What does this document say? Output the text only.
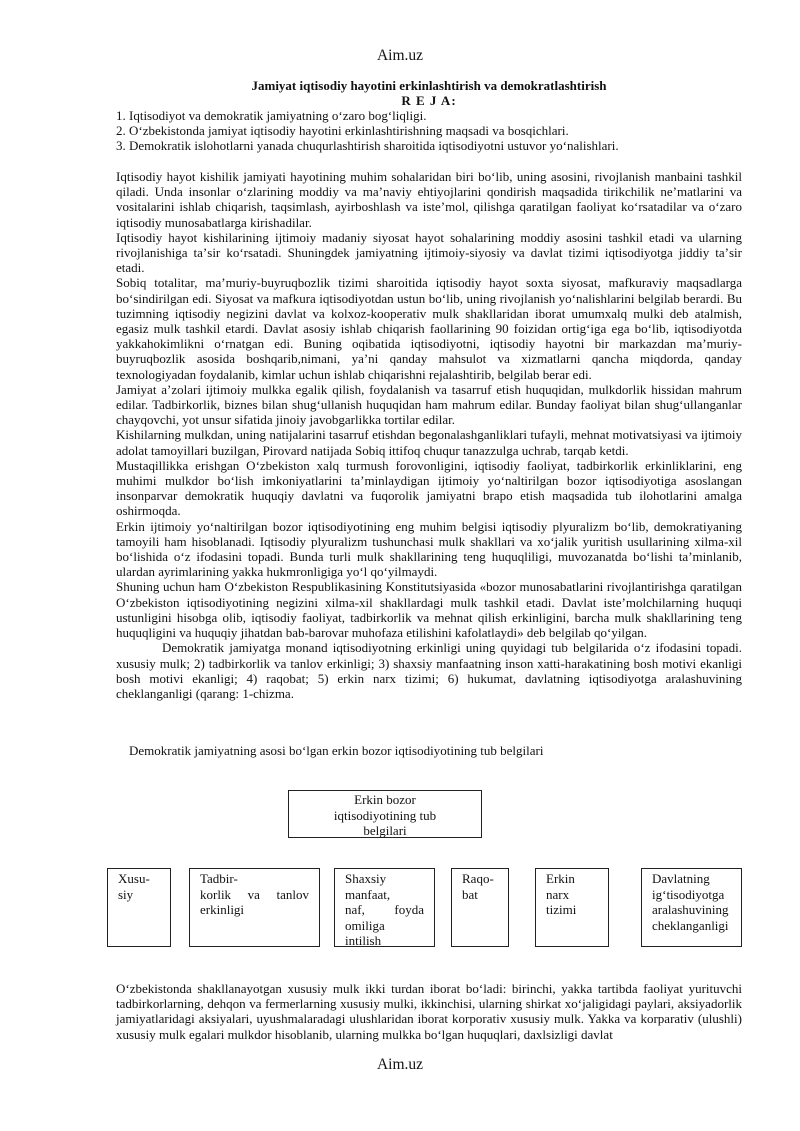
Aim.uz
Jamiyat iqtisodiy hayotini erkinlashtirish va demokratlashtirish
R E J A:
1. Iqtisodiyot va demokratik jamiyatning oʻzaro bogʻliqligi.
2. Oʻzbekistonda jamiyat iqtisodiy hayotini erkinlashtirishning maqsadi va bosqichlari.
3. Demokratik islohotlarni yanada chuqurlashtirish sharoitida iqtisodiyotni ustuvor yoʻnalishlari.

Iqtisodiy hayot kishilik jamiyati hayotining muhim sohalaridan biri boʻlib, uning asosini, rivojlanish manbaini tashkil qiladi. Unda insonlar oʻzlarining moddiy va maʼnaviy ehtiyojlarini qondirish maqsadida tirikchilik neʼmatlarini va vositalarini ishlab chiqarish, taqsimlash, ayirboshlash va isteʼmol, qilishga qaratilgan faoliyat koʻrsatadilar va oʻzaro iqtisodiy munosabatlarga kirishadilar.

Iqtisodiy hayot kishilarining ijtimoiy madaniy siyosat hayot sohalarining moddiy asosini tashkil etadi va ularning rivojlanishiga taʼsir koʻrsatadi. Shuningdek jamiyatning ijtimoiy-siyosiy va davlat tizimi iqtisodiyotga jiddiy taʼsir etadi.

Sobiq totalitar, maʼmuriy-buyruqbozlik tizimi sharoitida iqtisodiy hayot soxta siyosat, mafkuraviy maqsadlarga boʻsindirilgan edi. Siyosat va mafkura iqtisodiyotdan ustun boʻlib, uning rivojlanish yoʻnalishlarini belgilab berardi. Bu tuzimning iqtisodiy negizini davlat va kolxoz-kooperativ mulk shakllaridan iborat umumxalq mulki deb atalmish, egasiz mulk tashkil etardi. Davlat asosiy ishlab chiqarish faollarining 90 foizidan ortigʻiga ega boʻlib, iqtisodiyotda yakkahokimlikni oʻrnatgan edi. Buning oqibatida iqtisodiyotni, iqtisodiy hayotni bir markazdan maʼmuriy-buyruqbozlik asosida boshqarib,nimani, yaʼni qanday mahsulot va xizmatlarni qancha miqdorda, qanday texnologiyadan foydalanib, kimlar uchun ishlab chiqarishni rejalashtirib, belgilab berar edi.

Jamiyat aʼzolari ijtimoiy mulkka egalik qilish, foydalanish va tasarruf etish huquqidan, mulkdorlik hissidan mahrum edilar. Tadbirkorlik, biznes bilan shugʻullanish huquqidan ham mahrum edilar. Bunday faoliyat bilan shugʻullanganlar chayqovchi, yot unsur sifatida jinoiy javobgarlikka tortilar edilar.

Kishilarning mulkdan, uning natijalarini tasarruf etishdan begonalashganliklari tufayli, mehnat motivatsiyasi va ijtimoiy adolat tamoyillari buzilgan, Pirovard natijada Sobiq ittifoq chuqur tanazzulga uchrab, tarqab ketdi.

Mustaqillikka erishgan Oʻzbekiston xalq turmush forovonligini, iqtisodiy faoliyat, tadbirkorlik erkinliklarini, eng muhimi mulkdor boʻlish imkoniyatlarini taʼminlaydigan ijtimoiy yoʻnaltirilgan bozor iqtisodiyotiga asoslangan insonparvar demokratik huquqiy davlatni va fuqorolik jamiyatni brapo etish maqsadida tub ilohotlarini amalga oshirmoqda.

Erkin ijtimoiy yoʻnaltirilgan bozor iqtisodiyotining eng muhim belgisi iqtisodiy plyuralizm boʻlib, demokratiyaning tamoyili ham hisoblanadi. Iqtisodiy plyuralizm tushunchasi mulk shakllari va xoʻjalik yuritish usullarining xilma-xil boʻlishida oʻz ifodasini topadi. Bunda turli mulk shakllarining teng huquqliligi, muvozanatda boʻlishi taʼminlanib, ulardan ayrimlarining yakka hukmronligiga yoʻl qoʻyilmaydi.

Shuning uchun ham Oʻzbekiston Respublikasining Konstitutsiyasida «bozor munosabatlarini rivojlantirishga qaratilgan Oʻzbekiston iqtisodiyotining negizini xilma-xil shakllardagi mulk tashkil etadi. Davlat isteʼmolchilarning huquqi ustunligini hisobga olib, iqtisodiy faoliyat, tadbirkorlik va mehnat qilish erkinligini, barcha mulk shakllarining teng huquqligini va huquqiy jihatdan bab-barovar muhofaza etilishini kafolatlaydi» deb belgilab qoʻyilgan.

Demokratik jamiyatga monand iqtisodiyotning erkinligi uning quyidagi tub belgilarida oʻz ifodasini topadi. xususiy mulk; 2) tadbirkorlik va tanlov erkinligi; 3) shaxsiy manfaatning inson xatti-harakatining bosh motivi ekanligi bosh motivi ekanligi; 4) raqobat; 5) erkin narx tizimi; 6) hukumat, davlatning iqtisodiyotga aralashuvining cheklanganligi (qarang: 1-chizma.

Demokratik jamiyatning asosi boʻlgan erkin bozor iqtisodiyotining tub belgilari
Erkin bozor
iqtisodiyotining tub
belgilari
Xusu-
siy
Tadbir-
korlik va tanlov
erkinligi
Shaxsiy
manfaat,
naf, foyda
omiliga
intilish
Raqo-
bat
Erkin
narx
tizimi
Davlatning
igʻtisodiyotga
aralashuvining
cheklanganligi
Oʻzbekistonda shakllanayotgan xususiy mulk ikki turdan iborat boʻladi: birinchi, yakka tartibda faoliyat yurituvchi tadbirkorlarning, dehqon va fermerlarning xususiy mulki, ikkinchisi, ularning shirkat xoʻjaligidagi paylari, aksiyadorlik jamiyatlaridagi aksiyalari, uyushmalaradagi ulushlaridan iborat korporativ xususiy mulk. Yakka va korparativ (ulushli) xususiy mulk egalari mulkdor hisoblanib, ularning mulkka boʻlgan huquqlari, daxlsizligi davlat
Aim.uz
